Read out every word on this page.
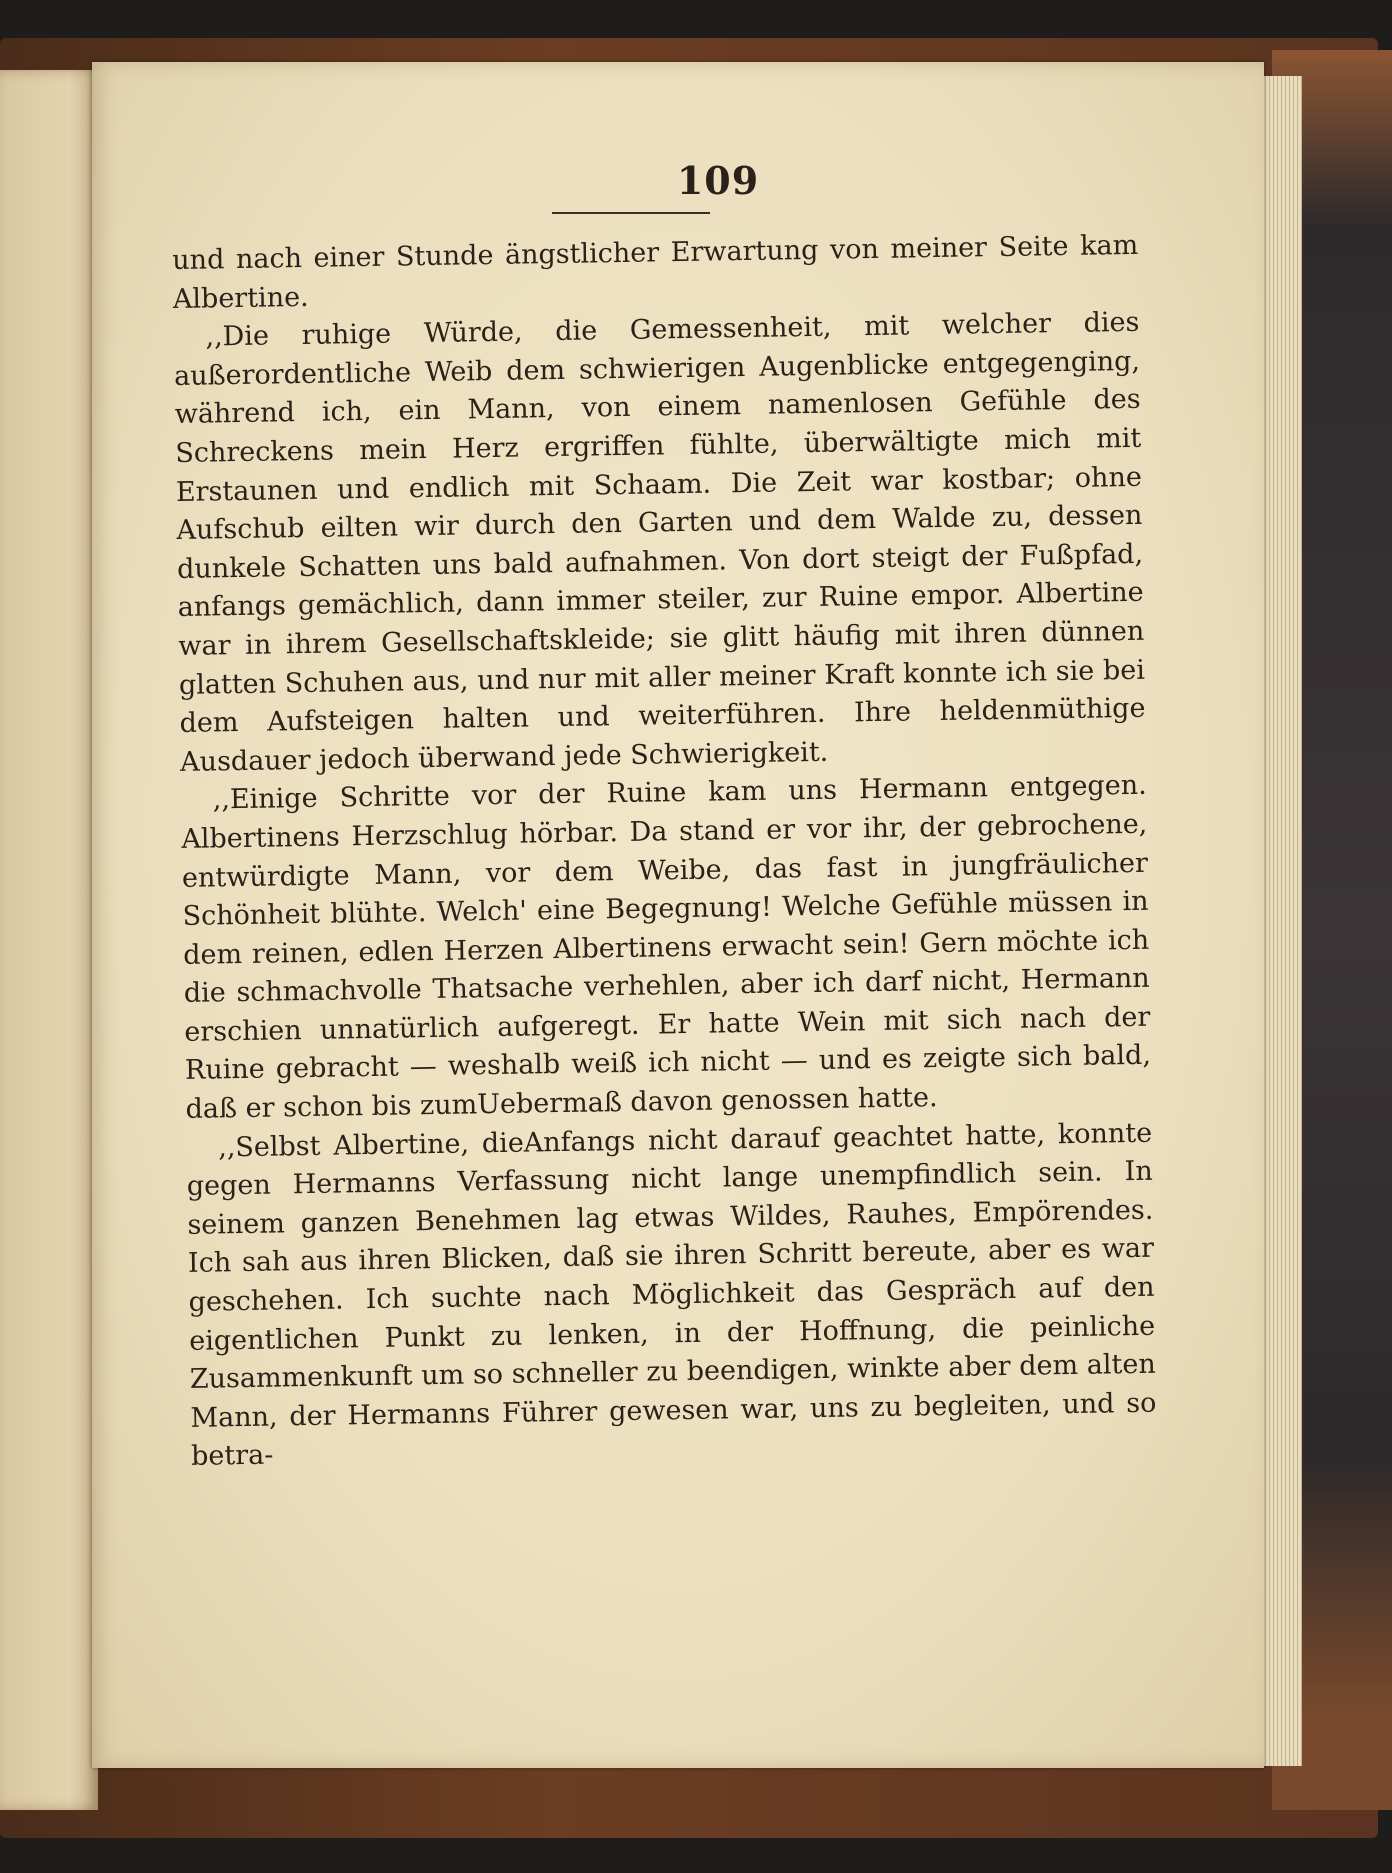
109

und nach einer Stunde ängstlicher Erwartung von meiner Seite kam Albertine.

,,Die ruhige Würde, die Gemessenheit, mit welcher dies außerordentliche Weib dem schwierigen Augenblicke entgegenging, während ich, ein Mann, von einem namenlosen Gefühle des Schreckens mein Herz ergriffen fühlte, überwältigte mich mit Erstaunen und endlich mit Schaam. Die Zeit war kostbar; ohne Aufschub eilten wir durch den Garten und dem Walde zu, dessen dunkele Schatten uns bald aufnahmen. Von dort steigt der Fußpfad, anfangs gemächlich, dann immer steiler, zur Ruine empor. Albertine war in ihrem Gesellschaftskleide; sie glitt häufig mit ihren dünnen glatten Schuhen aus, und nur mit aller meiner Kraft konnte ich sie bei dem Aufsteigen halten und weiterführen. Ihre heldenmüthige Ausdauer jedoch überwand jede Schwierigkeit.

,,Einige Schritte vor der Ruine kam uns Hermann entgegen. Albertinens Herzschlug hörbar. Da stand er vor ihr, der gebrochene, entwürdigte Mann, vor dem Weibe, das fast in jungfräulicher Schönheit blühte. Welch' eine Begegnung! Welche Gefühle müssen in dem reinen, edlen Herzen Albertinens erwacht sein! Gern möchte ich die schmachvolle Thatsache verhehlen, aber ich darf nicht, Hermann erschien unnatürlich aufgeregt. Er hatte Wein mit sich nach der Ruine gebracht — weshalb weiß ich nicht — und es zeigte sich bald, daß er schon bis zumUebermaß davon genossen hatte.

,,Selbst Albertine, dieAnfangs nicht darauf geachtet hatte, konnte gegen Hermanns Verfassung nicht lange unempfindlich sein. In seinem ganzen Benehmen lag etwas Wildes, Rauhes, Empörendes. Ich sah aus ihren Blicken, daß sie ihren Schritt bereute, aber es war geschehen. Ich suchte nach Möglichkeit das Gespräch auf den eigentlichen Punkt zu lenken, in der Hoffnung, die peinliche Zusammenkunft um so schneller zu beendigen, winkte aber dem alten Mann, der Hermanns Führer gewesen war, uns zu begleiten, und so betra-
